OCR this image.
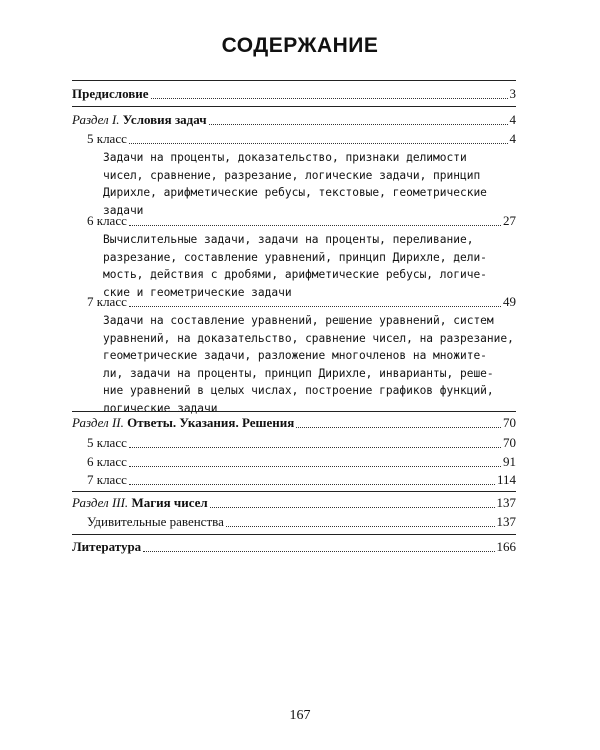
СОДЕРЖАНИЕ
Предисловие	3
Раздел I. Условия задач	4
5 класс	4
Задачи на проценты, доказательство, признаки делимости
чисел, сравнение, разрезание, логические задачи, принцип
Дирихле, арифметические ребусы, текстовые, геометрические
задачи
6 класс	27
Вычислительные задачи, задачи на проценты, переливание,
разрезание, составление уравнений, принцип Дирихле, дели-
мость, действия с дробями, арифметические ребусы, логиче-
ские и геометрические задачи
7 класс	49
Задачи на составление уравнений, решение уравнений, систем
уравнений, на доказательство, сравнение чисел, на разрезание,
геометрические задачи, разложение многочленов на множите-
ли, задачи на проценты, принцип Дирихле, инварианты, реше-
ние уравнений в целых числах, построение графиков функций,
логические задачи
Раздел II. Ответы. Указания. Решения	70
5 класс	70
6 класс	91
7 класс	114
Раздел III. Магия чисел	137
Удивительные равенства	137
Литература	166
167
